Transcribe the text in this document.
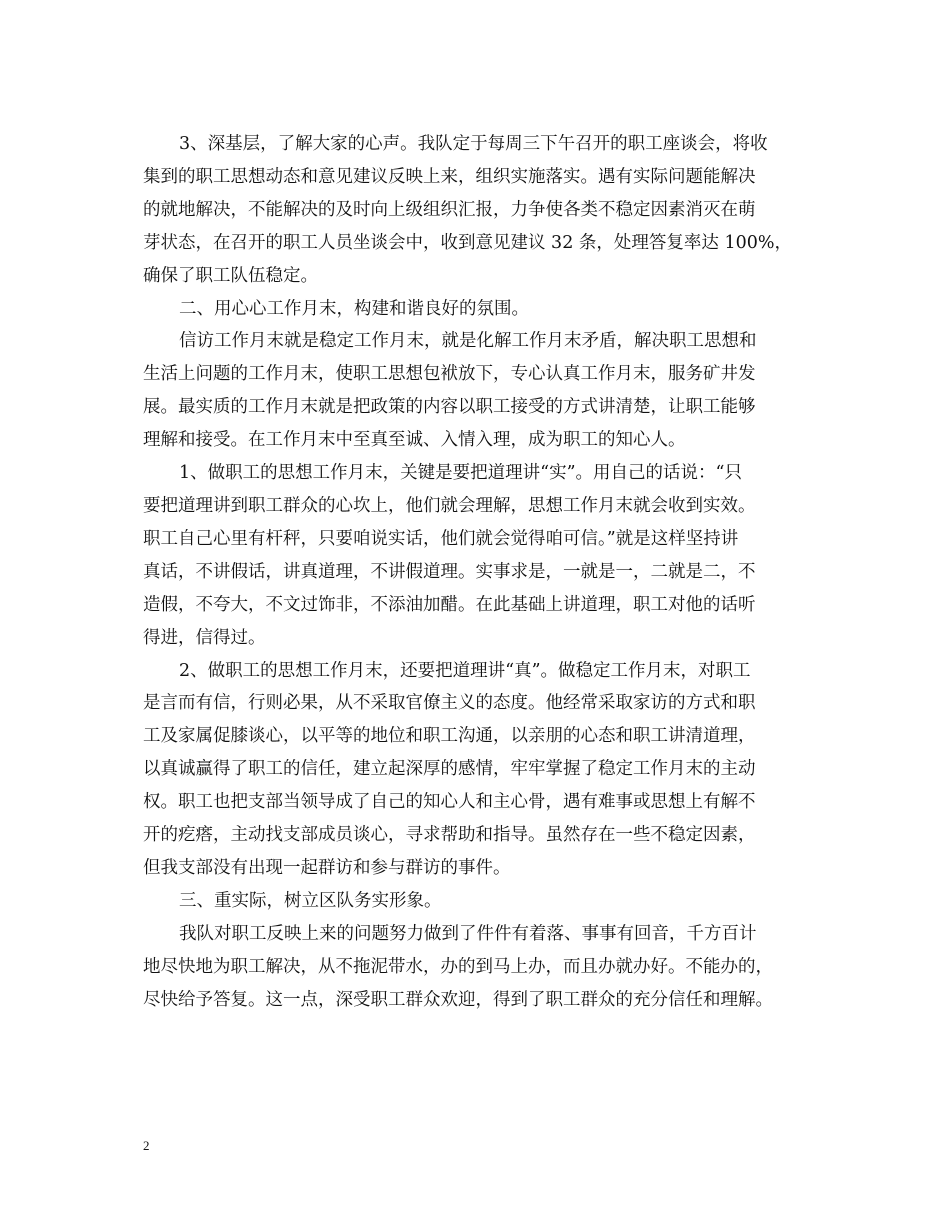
3、深基层，了解大家的心声。我队定于每周三下午召开的职工座谈会，将收
集到的职工思想动态和意见建议反映上来，组织实施落实。遇有实际问题能解决
的就地解决，不能解决的及时向上级组织汇报，力争使各类不稳定因素消灭在萌
芽状态，在召开的职工人员坐谈会中，收到意见建议 32 条，处理答复率达 100%，
确保了职工队伍稳定。
二、用心心工作月末，构建和谐良好的氛围。
信访工作月末就是稳定工作月末，就是化解工作月末矛盾，解决职工思想和
生活上问题的工作月末，使职工思想包袱放下，专心认真工作月末，服务矿井发
展。最实质的工作月末就是把政策的内容以职工接受的方式讲清楚，让职工能够
理解和接受。在工作月末中至真至诚、入情入理，成为职工的知心人。
1、做职工的思想工作月末，关键是要把道理讲“实”。用自己的话说：“只
要把道理讲到职工群众的心坎上，他们就会理解，思想工作月末就会收到实效。
职工自己心里有杆秤，只要咱说实话，他们就会觉得咱可信。”就是这样坚持讲
真话，不讲假话，讲真道理，不讲假道理。实事求是，一就是一，二就是二，不
造假，不夸大，不文过饰非，不添油加醋。在此基础上讲道理，职工对他的话听
得进，信得过。
2、做职工的思想工作月末，还要把道理讲“真”。做稳定工作月末，对职工
是言而有信，行则必果，从不采取官僚主义的态度。他经常采取家访的方式和职
工及家属促膝谈心，以平等的地位和职工沟通，以亲朋的心态和职工讲清道理，
以真诚赢得了职工的信任，建立起深厚的感情，牢牢掌握了稳定工作月末的主动
权。职工也把支部当领导成了自己的知心人和主心骨，遇有难事或思想上有解不
开的疙瘩，主动找支部成员谈心，寻求帮助和指导。虽然存在一些不稳定因素，
但我支部没有出现一起群访和参与群访的事件。
三、重实际，树立区队务实形象。
我队对职工反映上来的问题努力做到了件件有着落、事事有回音，千方百计
地尽快地为职工解决，从不拖泥带水，办的到马上办，而且办就办好。不能办的，
尽快给予答复。这一点，深受职工群众欢迎，得到了职工群众的充分信任和理解。
2
